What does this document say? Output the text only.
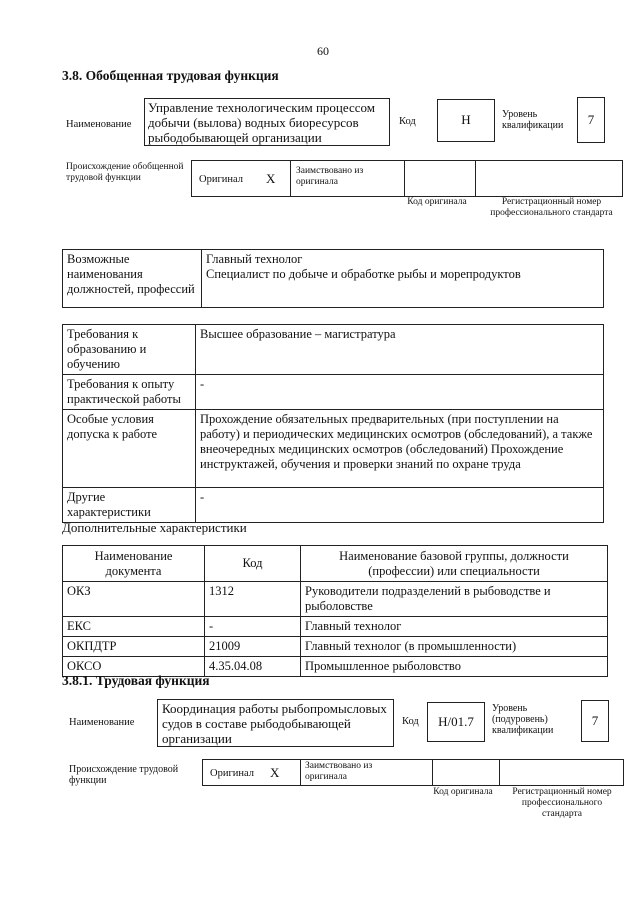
60
3.8. Обобщенная трудовая функция
Наименование
Управление технологическим процессом добычи (вылова) водных биоресурсов рыбодобывающей организации
Код	H	Уровень квалификации	7
Происхождение обобщенной трудовой функции	Оригинал X Заимствовано из оригинала
Код оригинала	Регистрационный номер профессионального стандарта
Возможные наименования должностей, профессий	
Главный технолог
Специалист по добыче и обработке рыбы и морепродуктов
Требования к образованию и обучению	Высшее образование – магистратура
Требования к опыту практической работы	-
Особые условия допуска к работе	Прохождение обязательных предварительных (при поступлении на работу) и периодических медицинских осмотров (обследований), а также внеочередных медицинских осмотров (обследований) Прохождение инструктажей, обучения и проверки знаний по охране труда
Другие характеристики	-
Дополнительные характеристики
Наименование документа	Код	Наименование базовой группы, должности (профессии) или специальности
ОКЗ	1312	Руководители подразделений в рыбоводстве и рыболовстве
ЕКС	-	Главный технолог
ОКПДТР	21009	Главный технолог (в промышленности)
ОКСО	4.35.04.08	Промышленное рыболовство
3.8.1. Трудовая функция
Наименование
Координация работы рыбопромысловых судов в составе рыбодобывающей организации
Код	H/01.7
Уровень (подуровень) квалификации
7
Происхождение трудовой функции
Оригинал X	Заимствовано из оригинала
Код оригинала	Регистрационный номер профессионального стандарта
